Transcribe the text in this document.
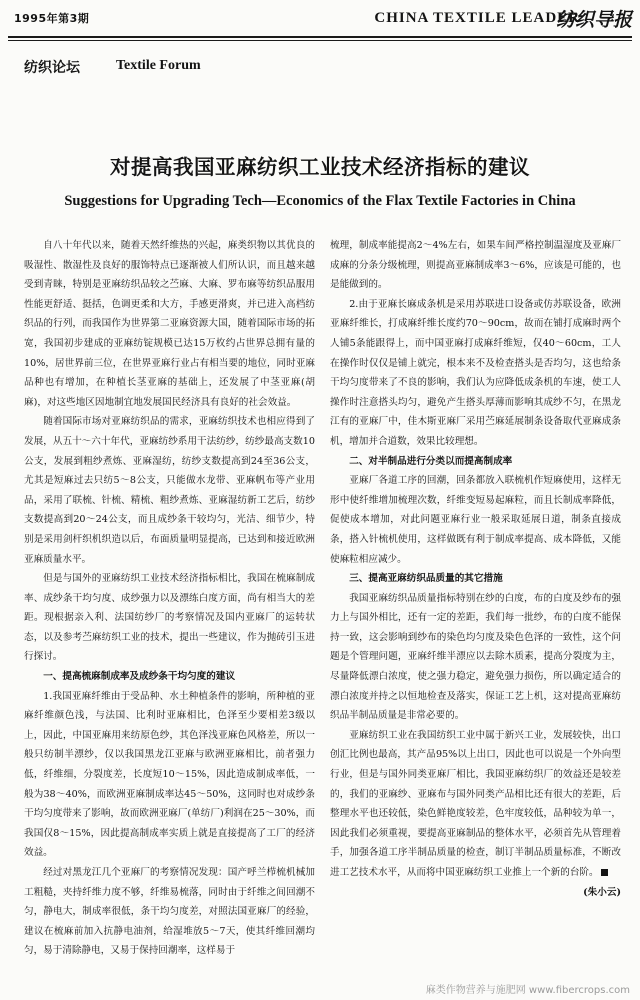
1995年第3期	CHINA TEXTILE LEADER
纺织导报
纺织论坛	Textile Forum
对提高我国亚麻纺织工业技术经济指标的建议
Suggestions for Upgrading Tech—Economics of the Flax Textile Factories in China

自八十年代以来，随着天然纤维热的兴起，麻类织物以其优良的吸湿性、散湿性及良好的服饰特点已逐渐被人们所认识，而且越来越受到青睐，特别是亚麻纺织品较之苎麻、大麻、罗布麻等纺织品服用性能更舒适、挺括，色调更柔和大方，手感更滑爽，并已进入高档纺织品的行列，而我国作为世界第二亚麻资源大国，随着国际市场的拓宽，我国初步建成的亚麻纺锭规模已达15万枚约占世界总拥有量的10%，居世界前三位，在世界亚麻行业占有相当要的地位，同时亚麻品种也有增加，在种植长茎亚麻的基础上，还发展了中茎亚麻(胡麻)，对这些地区因地制宜地发展国民经济具有良好的社会效益。

随着国际市场对亚麻纺织品的需求，亚麻纺织技术也相应得到了发展，从五十～六十年代，亚麻纺纱系用干法纺纱，纺纱最高支数10公支，发展到粗纱煮炼、亚麻湿纺，纺纱支数提高到24至36公支，尤其是短麻过去只纺5～8公支，只能做水龙带、亚麻帆布等产业用品，采用了联梳、针梳、精梳、粗纱煮炼、亚麻湿纺新工艺后，纺纱支数提高到20～24公支，而且成纱条干较均匀，光洁、细节少，特别是采用剑杆织机织造以后，布面质量明显提高，已达到和接近欧洲亚麻质量水平。

但是与国外的亚麻纺织工业技术经济指标相比，我国在梳麻制成率、成纱条干均匀度、成纱强力以及漂练白度方面，尚有相当大的差距。现根据亲入利、法国纺纱厂的考察情况及国内亚麻厂的运转状态，以及参考苎麻纺织工业的技术，提出一些建议，作为抛砖引玉进行探讨。

一、提高梳麻制成率及成纱条干均匀度的建议

1.我国亚麻纤维由于受品种、水土种植条件的影响，所种植的亚麻纤维颜色浅，与法国、比利时亚麻相比，色泽至少要相差3级以上，因此，中国亚麻用来纺原色纱，其色泽浅亚麻色风格差，所以一般只纺制半漂纱，仅以我国黑龙江亚麻与欧洲亚麻相比，前者强力低，纤维细，分裂度差，长度短10～15%，因此造成制成率低，一般为38～40%，而欧洲亚麻制成率达45～50%，这同时也对成纱条干均匀度带来了影响，故而欧洲亚麻厂(单纺厂)利润在25～30%，而我国仅8～15%，因此提高制成率实质上就是直接提高了工厂的经济效益。

经过对黑龙江几个亚麻厂的考察情况发现：国产呼兰栉梳机械加工粗糙，夹持纤维力度不够，纤维易梳落，同时由于纤维之间回潮不匀，静电大，制成率很低，条干均匀度差，对照法国亚麻厂的经验，建议在梳麻前加入抗静电油剂，给湿堆放5～7天，使其纤维回潮均匀，易于清除静电，又易于保持回潮率，这样易于

梳理，制成率能提高2～4%左右，如果车间严格控制温湿度及亚麻厂成麻的分条分级梳理，则提高亚麻制成率3～6%，应该是可能的，也是能做到的。

2.由于亚麻长麻成条机是采用苏联进口设备或仿苏联设备，欧洲亚麻纤维长，打成麻纤维长度约70～90cm，故而在铺打成麻时两个人铺5条能跟得上，而中国亚麻打成麻纤维短，仅40～60cm，工人在操作时仅仅是铺上就完，根本来不及检查搭头是否均匀，这也给条干均匀度带来了不良的影响，我们认为应降低成条机的车速，使工人操作时注意搭头均匀，避免产生搭头厚薄而影响其成纱不匀，在黑龙江有的亚麻厂中，佳木斯亚麻厂采用苎麻延展制条设备取代亚麻成条机，增加并合道数，效果比较理想。

二、对半制品进行分类以而提高制成率

亚麻厂各道工序的回潮，回条都放入联梳机作短麻使用，这样无形中使纤维增加梳理次数，纤维变短易起麻粒，而且长制成率降低，促使成本增加，对此问题亚麻行业一般采取延展日道，制条直接成条，搭入针梳机使用，这样做既有利于制成率提高、成本降低，又能使麻粒相应减少。

三、提高亚麻纺织品质量的其它措施

我国亚麻纺织品质量指标特别在纱的白度，布的白度及纱布的强力上与国外相比，还有一定的差距，我们每一批纱，布的白度不能保持一致，这会影响到纱布的染色均匀度及染色色泽的一致性，这个问题是个管理问题，亚麻纤维半漂应以去除木质素，提高分裂度为主，尽量降低漂白浓度，使之强力稳定，避免强力损伤，所以确定适合的漂白浓度并持之以恒地检查及落实，保证工艺上机，这对提高亚麻纺织品半制品质量是非常必要的。

亚麻纺织工业在我国纺织工业中属于新兴工业，发展较快，出口创汇比例也最高，其产品95%以上出口，因此也可以说是一个外向型行业，但是与国外同类亚麻厂相比，我国亚麻纺织厂的效益还是较差的，我们的亚麻纱、亚麻布与国外同类产品相比还有很大的差距，后整理水平也还较低，染色鲜艳度较差，色牢度较低，品种较为单一，因此我们必须重视，要提高亚麻制品的整体水平，必须首先从管理着手，加强各道工序半制品质量的检查，制订半制品质量标准，不断改进工艺技术水平，从而将中国亚麻纺织工业推上一个新的台阶。

(朱小云)

麻类作物营养与施肥网 www.fibercrops.com
